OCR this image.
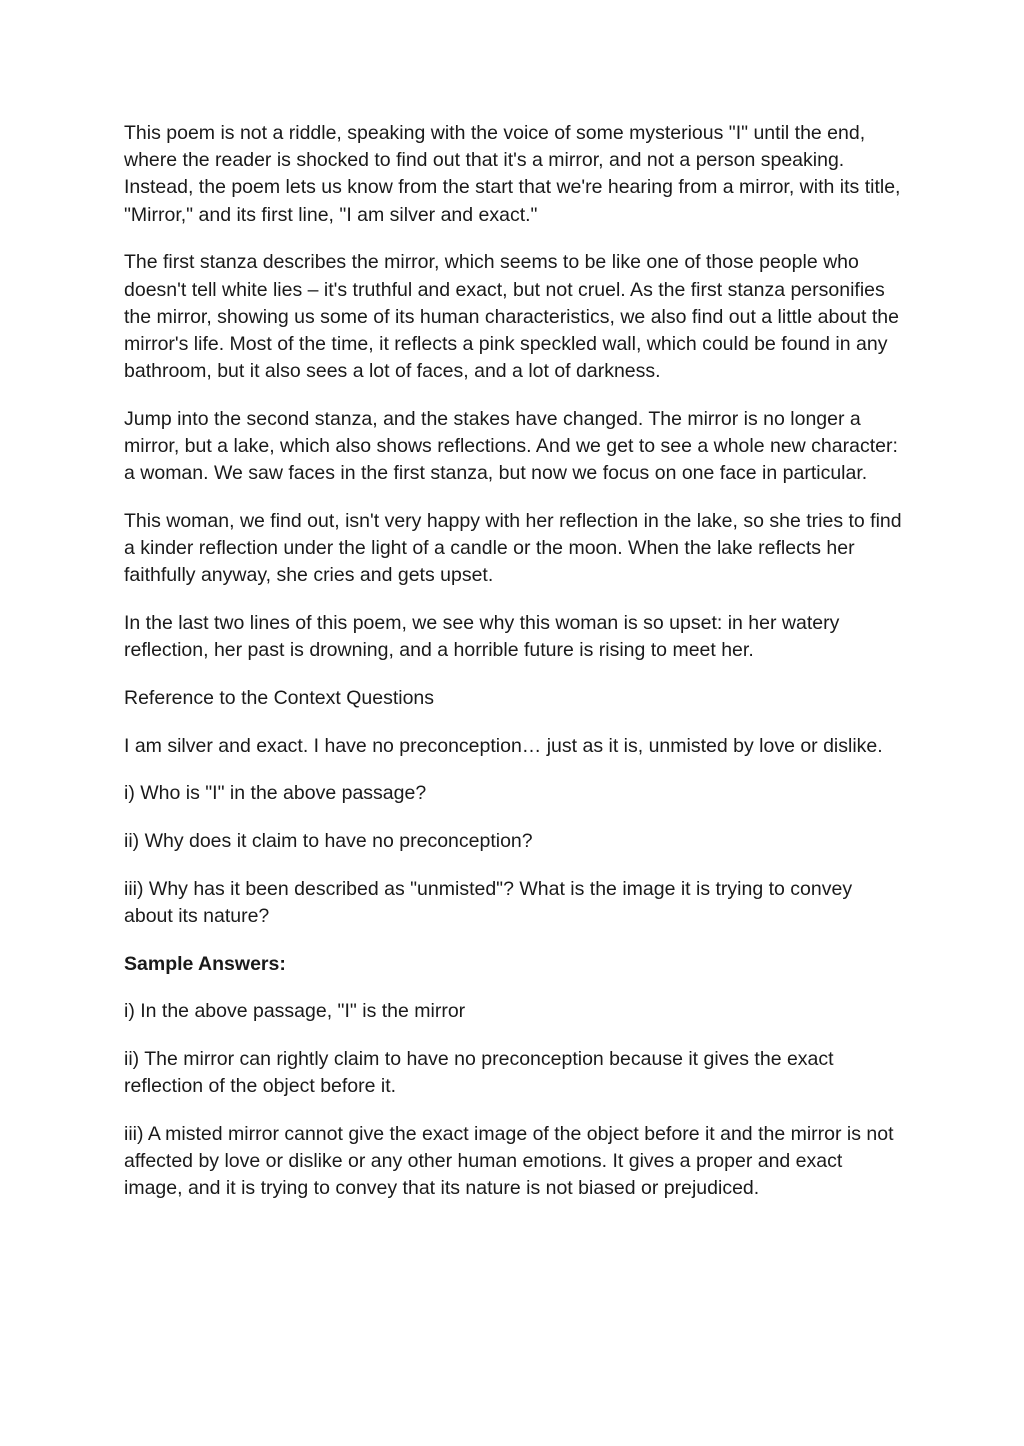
This poem is not a riddle, speaking with the voice of some mysterious "I" until the end, where the reader is shocked to find out that it's a mirror, and not a person speaking. Instead, the poem lets us know from the start that we're hearing from a mirror, with its title, "Mirror," and its first line, "I am silver and exact."

The first stanza describes the mirror, which seems to be like one of those people who doesn't tell white lies – it's truthful and exact, but not cruel. As the first stanza personifies the mirror, showing us some of its human characteristics, we also find out a little about the mirror's life. Most of the time, it reflects a pink speckled wall, which could be found in any bathroom, but it also sees a lot of faces, and a lot of darkness.

Jump into the second stanza, and the stakes have changed. The mirror is no longer a mirror, but a lake, which also shows reflections. And we get to see a whole new character: a woman. We saw faces in the first stanza, but now we focus on one face in particular.

This woman, we find out, isn't very happy with her reflection in the lake, so she tries to find a kinder reflection under the light of a candle or the moon. When the lake reflects her faithfully anyway, she cries and gets upset.

In the last two lines of this poem, we see why this woman is so upset: in her watery reflection, her past is drowning, and a horrible future is rising to meet her.

Reference to the Context Questions

I am silver and exact. I have no preconception… just as it is, unmisted by love or dislike.

i) Who is "I" in the above passage?

ii) Why does it claim to have no preconception?

iii) Why has it been described as "unmisted"? What is the image it is trying to convey about its nature?

Sample Answers:

i) In the above passage, "I" is the mirror

ii) The mirror can rightly claim to have no preconception because it gives the exact reflection of the object before it.

iii) A misted mirror cannot give the exact image of the object before it and the mirror is not affected by love or dislike or any other human emotions. It gives a proper and exact image, and it is trying to convey that its nature is not biased or prejudiced.
